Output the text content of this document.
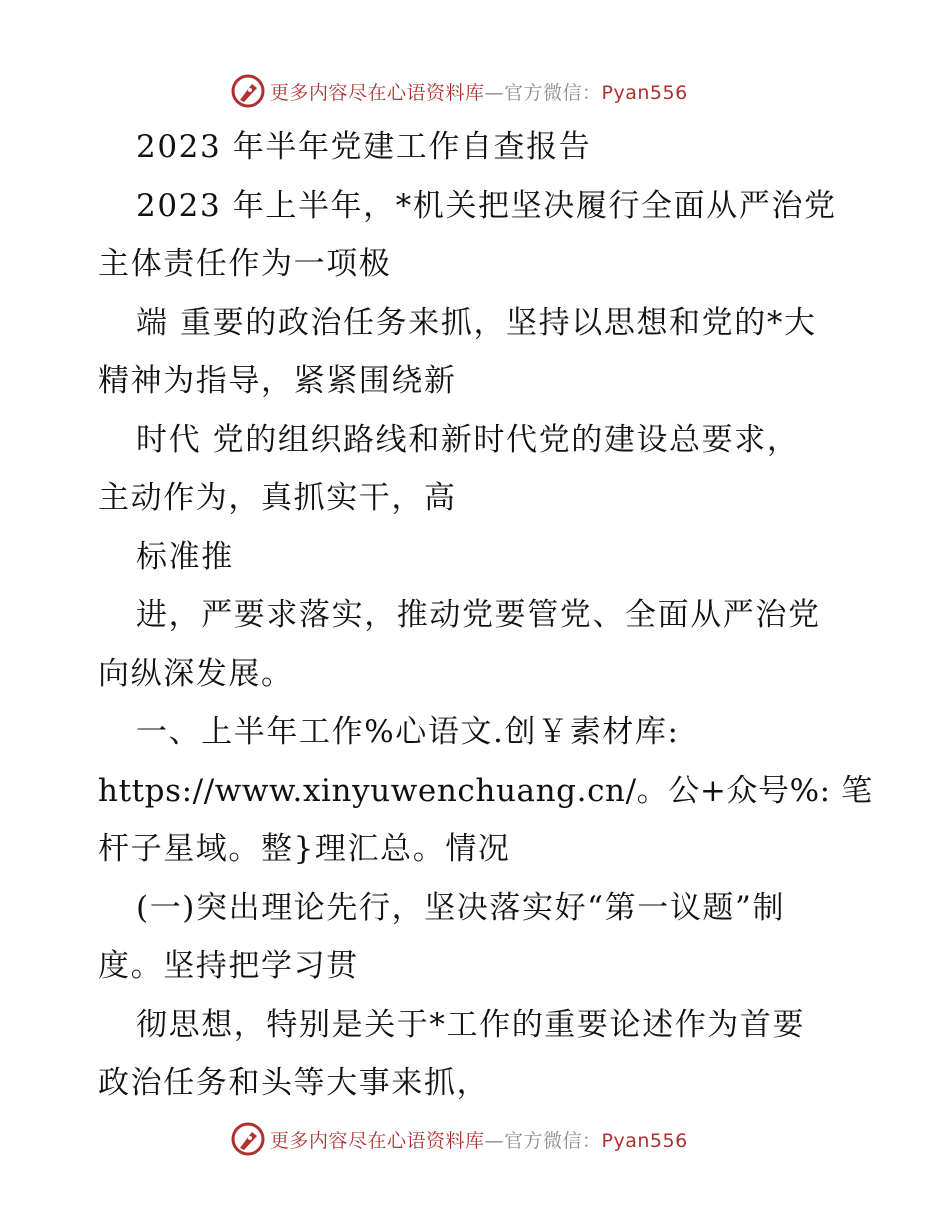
更多内容尽在心语资料库—官方微信：Pyan556
2023 年半年党建工作自查报告
2023 年上半年，*机关把坚决履行全面从严治党
主体责任作为一项极
端 重要的政治任务来抓，坚持以思想和党的*大
精神为指导，紧紧围绕新
时代 党的组织路线和新时代党的建设总要求，
主动作为，真抓实干，高
标准推
进，严要求落实，推动党要管党、全面从严治党
向纵深发展。
一、上半年工作%心语文.创￥素材库:
https://www.xinyuwenchuang.cn/。公+众号%: 笔
杆子星域。整}理汇总。情况
(一)突出理论先行，坚决落实好“第一议题”制
度。坚持把学习贯
彻思想，特别是关于*工作的重要论述作为首要
政治任务和头等大事来抓，
更多内容尽在心语资料库—官方微信：Pyan556
